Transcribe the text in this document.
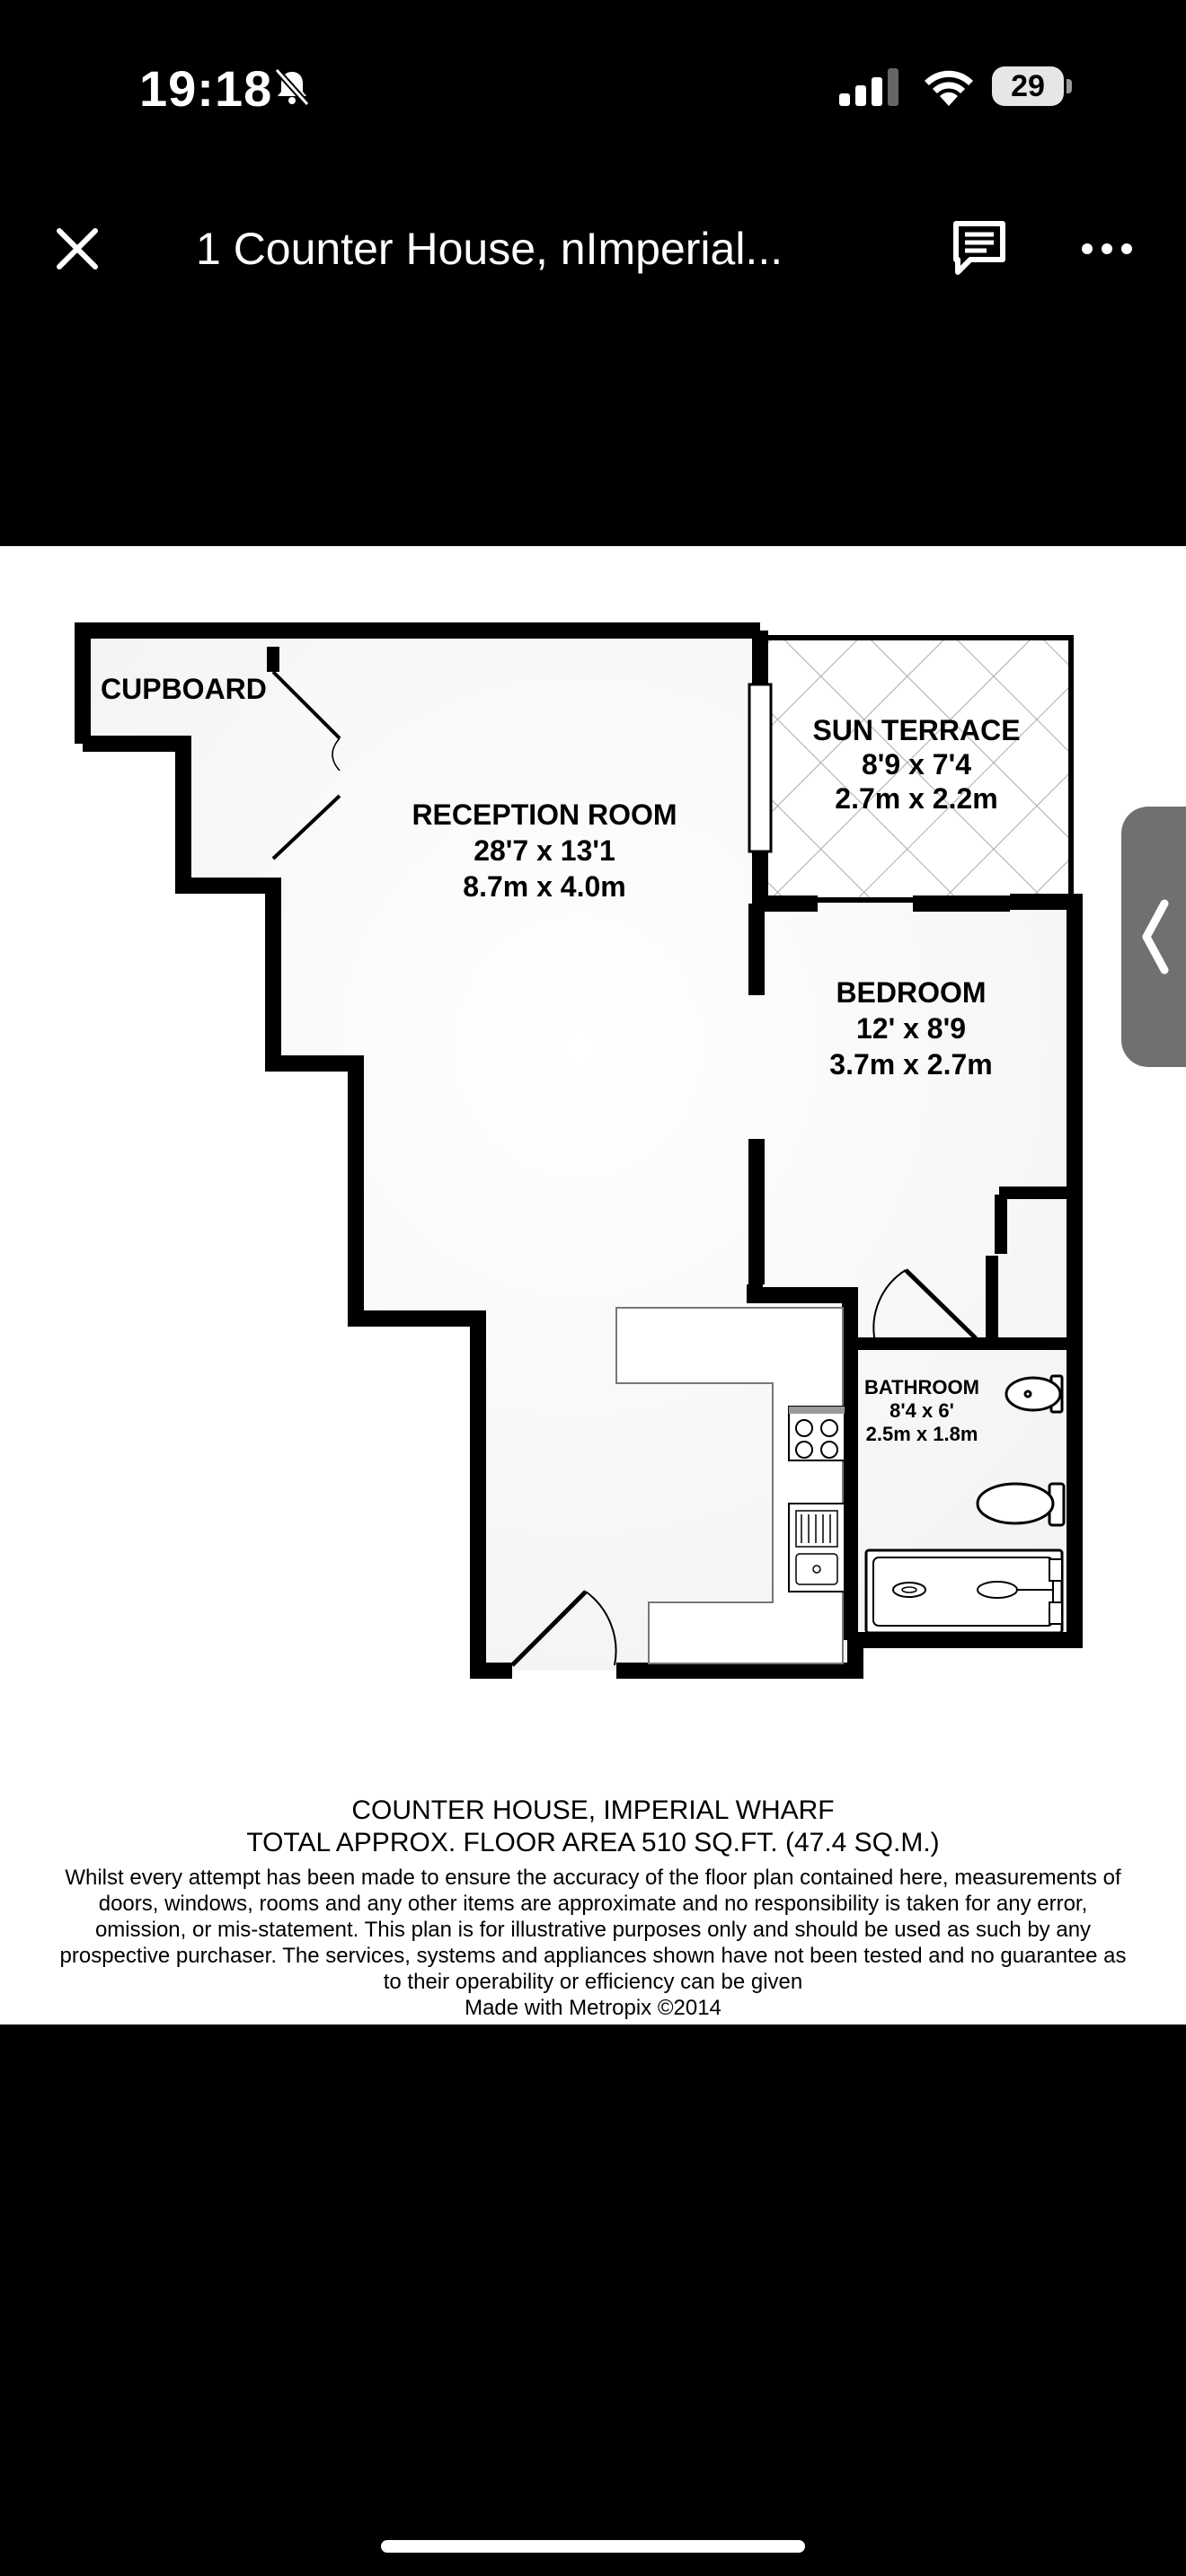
19:18	29
1 Counter House, nImperial...
CUPBOARD
RECEPTION ROOM
28'7 x 13'1
8.7m x 4.0m
SUN TERRACE
8'9 x 7'4
2.7m x 2.2m
BEDROOM
12' x 8'9
3.7m x 2.7m
BATHROOM
8'4 x 6'
2.5m x 1.8m
COUNTER HOUSE, IMPERIAL WHARF
TOTAL APPROX. FLOOR AREA 510 SQ.FT. (47.4 SQ.M.)
Whilst every attempt has been made to ensure the accuracy of the floor plan contained here, measurements of doors, windows, rooms and any other items are approximate and no responsibility is taken for any error, omission, or mis-statement. This plan is for illustrative purposes only and should be used as such by any prospective purchaser. The services, systems and appliances shown have not been tested and no guarantee as to their operability or efficiency can be given
Made with Metropix ©2014
